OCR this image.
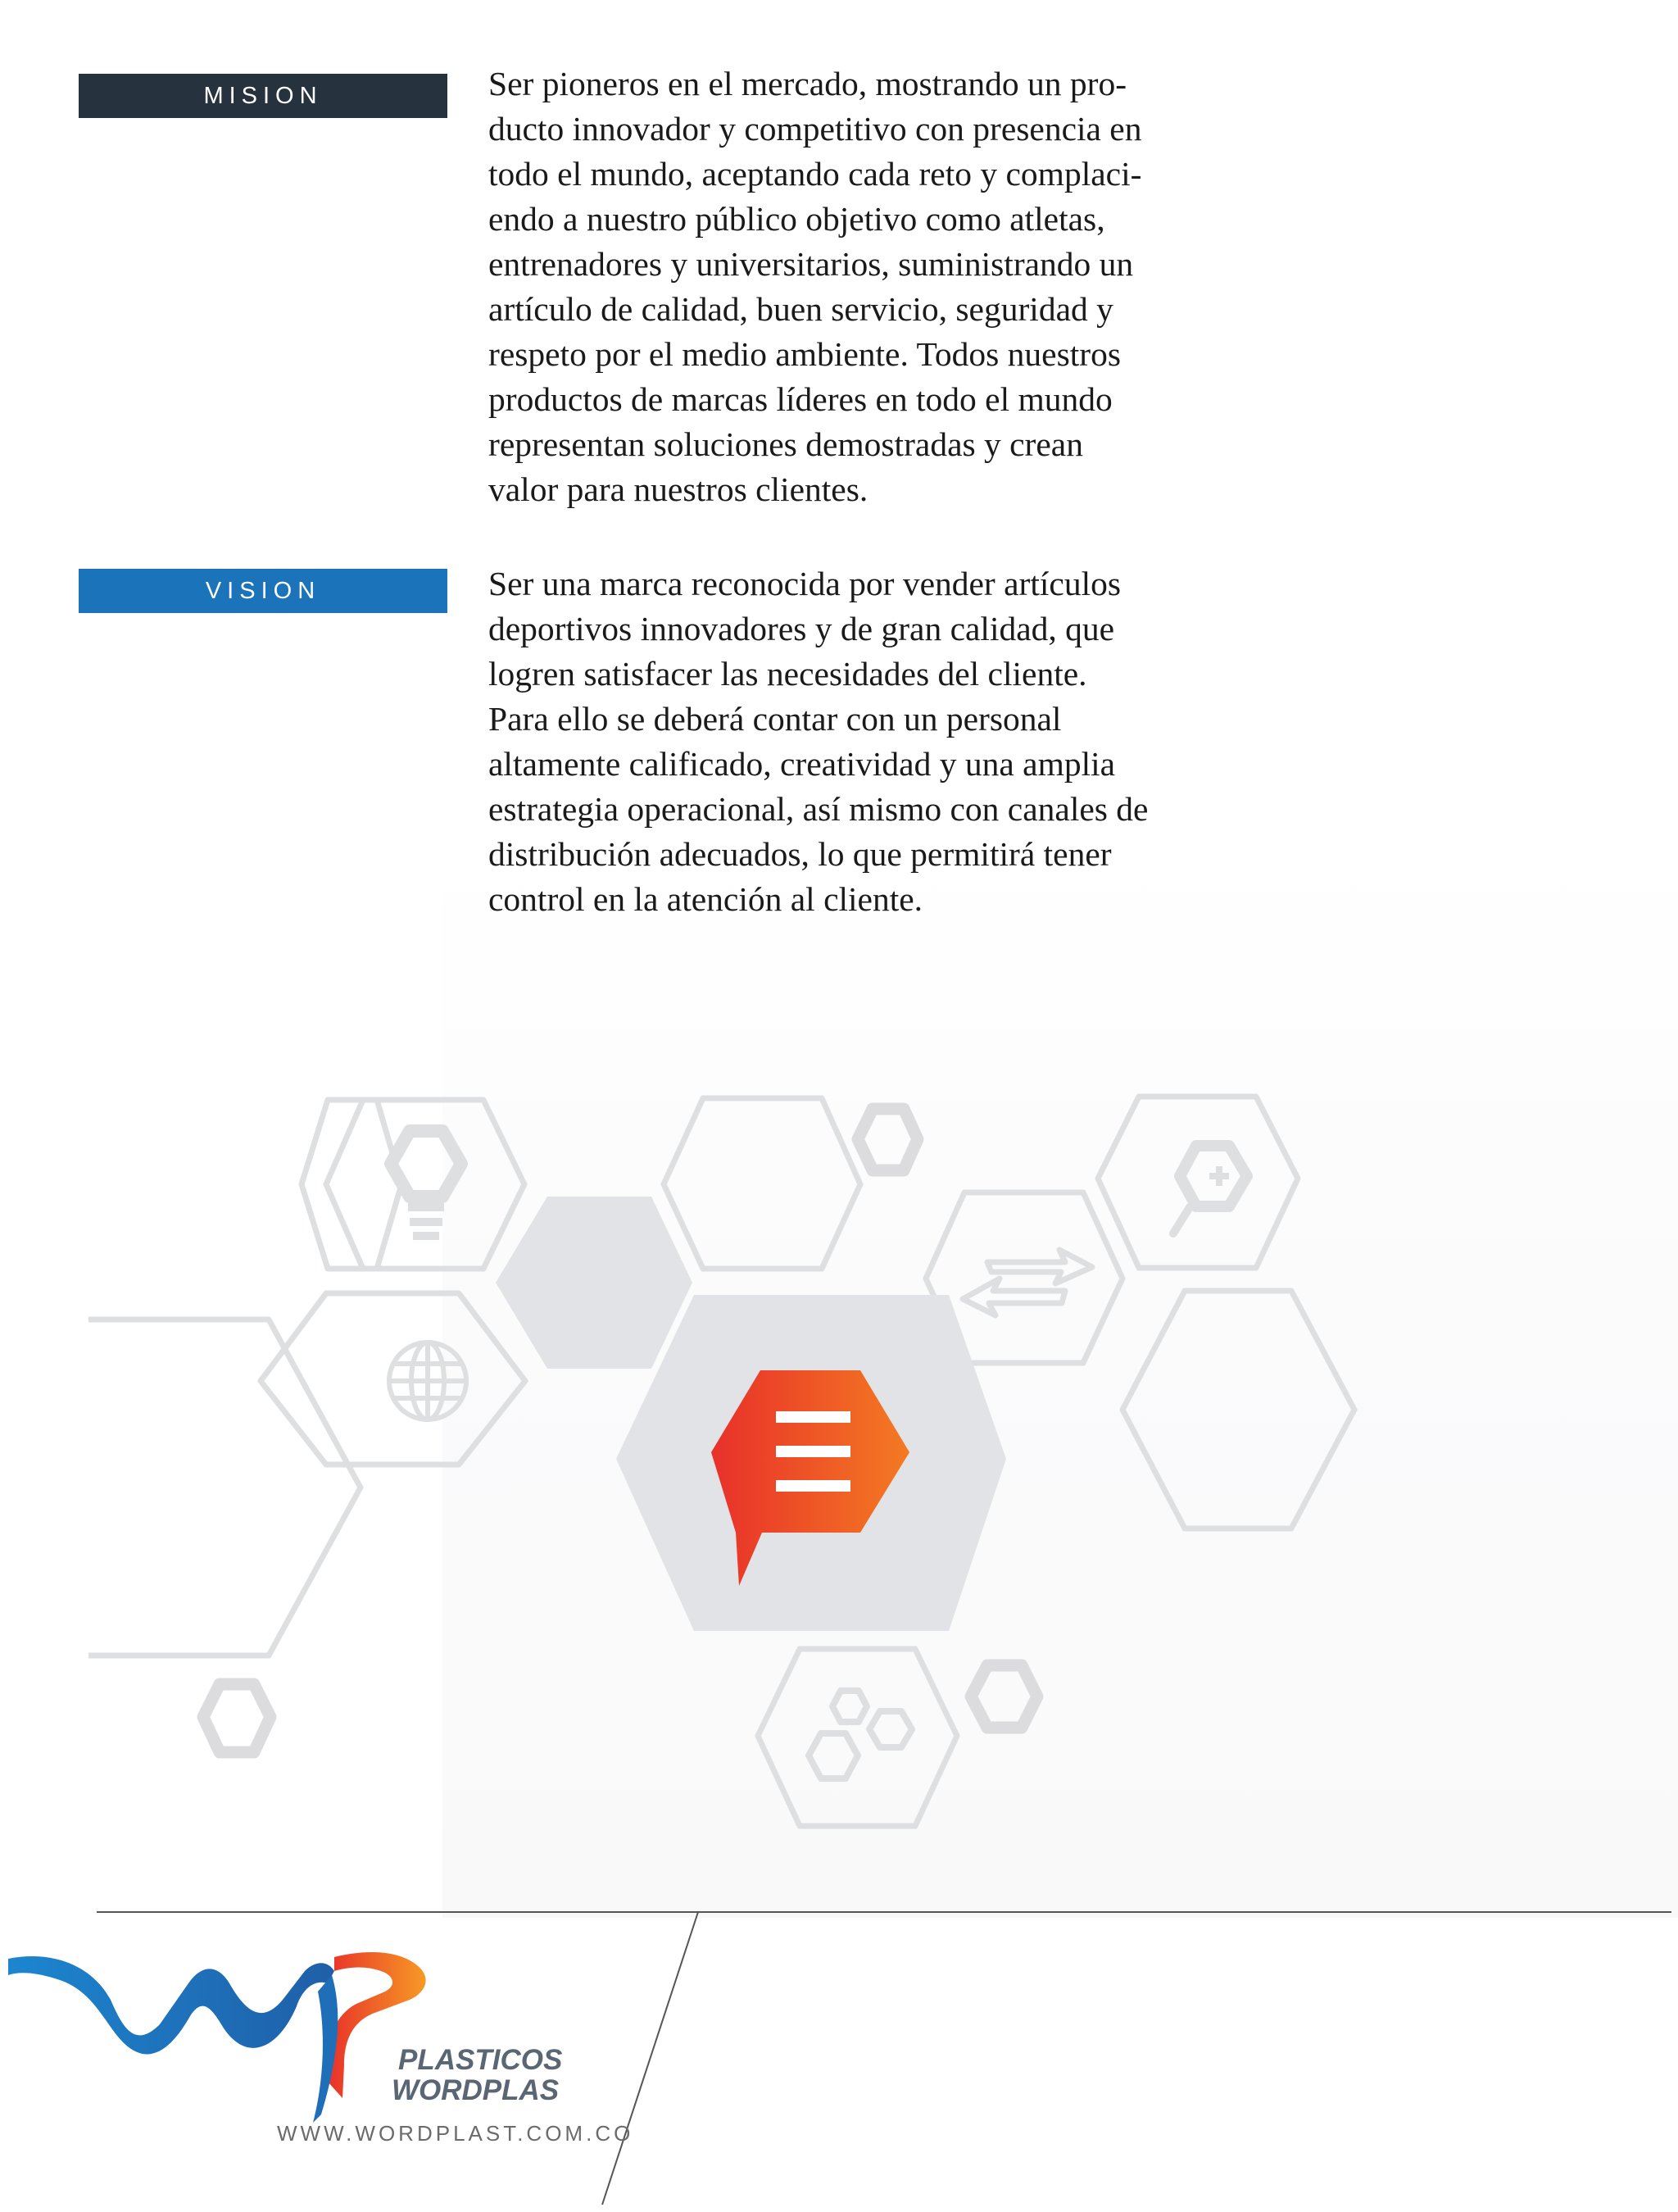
MISION	Ser pioneros en el mercado, mostrando un pro-
ducto innovador y competitivo con presencia en
todo el mundo, aceptando cada reto y complaci-
endo a nuestro público objetivo como atletas,
entrenadores y universitarios, suministrando un
artículo de calidad, buen servicio, seguridad y
respeto por el medio ambiente. Todos nuestros
productos de marcas líderes en todo el mundo
representan soluciones demostradas y crean
valor para nuestros clientes.

VISION	Ser una marca reconocida por vender artículos
deportivos innovadores y de gran calidad, que
logren satisfacer las necesidades del cliente.
Para ello se deberá contar con un personal
altamente calificado, creatividad y una amplia
estrategia operacional, así mismo con canales de
distribución adecuados, lo que permitirá tener
control en la atención al cliente.

PLASTICOS
WORDPLAS
WWW.WORDPLAST.COM.CO
